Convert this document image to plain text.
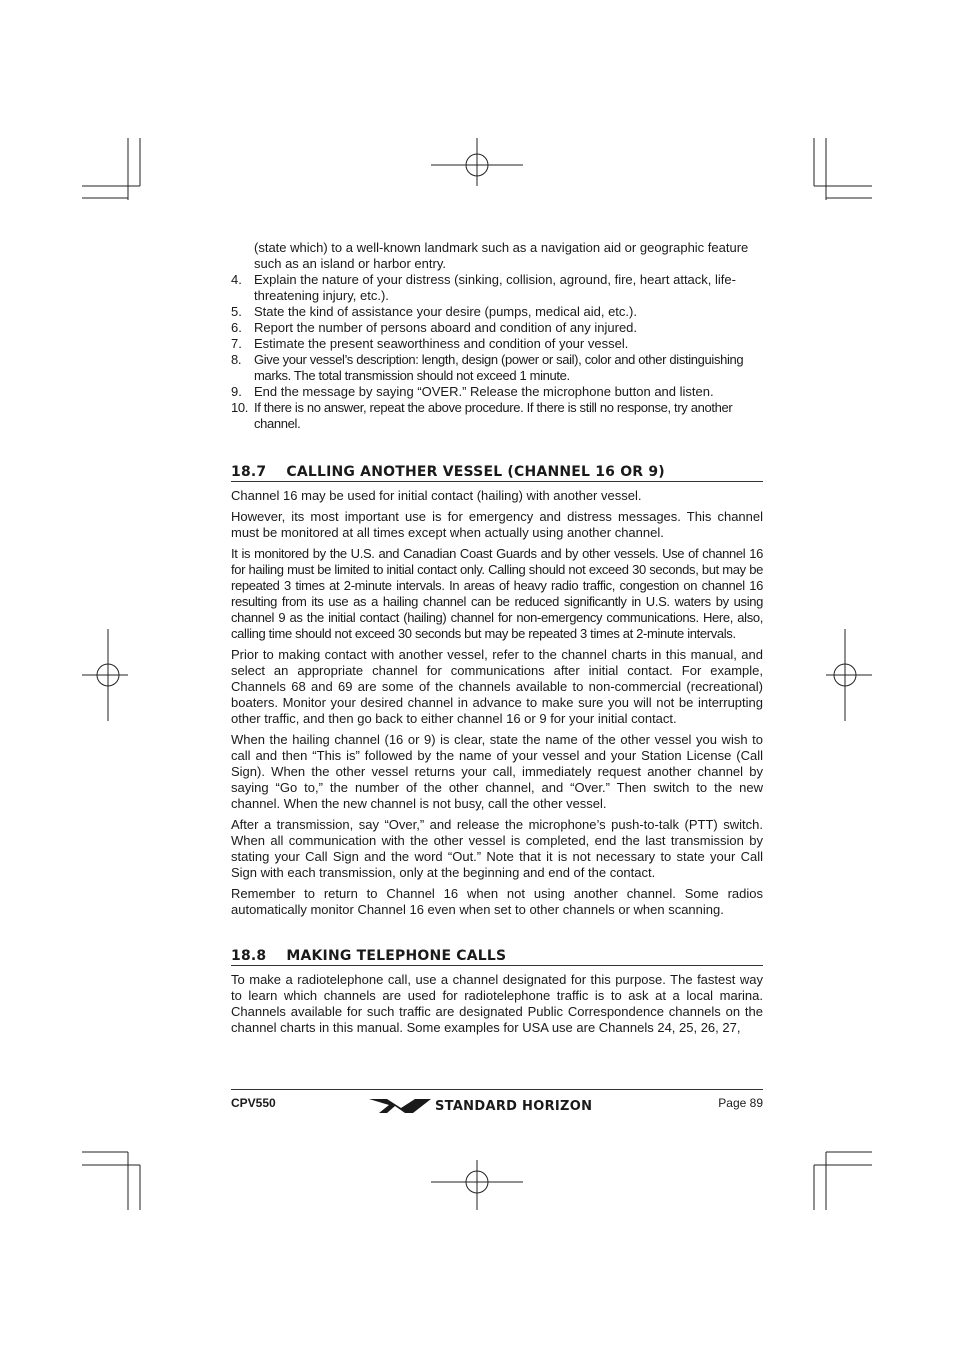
(state which) to a well-known landmark such as a navigation aid or geographic feature such as an island or harbor entry.
4. Explain the nature of your distress (sinking, collision, aground, fire, heart attack, life-threatening injury, etc.).
5. State the kind of assistance your desire (pumps, medical aid, etc.).
6. Report the number of persons aboard and condition of any injured.
7. Estimate the present seaworthiness and condition of your vessel.
8. Give your vessel’s description: length, design (power or sail), color and other distinguishing marks. The total transmission should not exceed 1 minute.
9. End the message by saying “OVER.” Release the microphone button and listen.
10. If there is no answer, repeat the above procedure. If there is still no response, try another channel.
18.7 CALLING ANOTHER VESSEL (CHANNEL 16 OR 9)

Channel 16 may be used for initial contact (hailing) with another vessel.

However, its most important use is for emergency and distress messages. This channel must be monitored at all times except when actually using another channel.

It is monitored by the U.S. and Canadian Coast Guards and by other vessels. Use of channel 16 for hailing must be limited to initial contact only. Calling should not exceed 30 seconds, but may be repeated 3 times at 2-minute intervals. In areas of heavy radio traffic, congestion on channel 16 resulting from its use as a hailing channel can be reduced significantly in U.S. waters by using channel 9 as the initial contact (hailing) channel for non-emergency communications. Here, also, calling time should not exceed 30 seconds but may be repeated 3 times at 2-minute intervals.

Prior to making contact with another vessel, refer to the channel charts in this manual, and select an appropriate channel for communications after initial contact. For example, Channels 68 and 69 are some of the channels available to non-commercial (recreational) boaters. Monitor your desired channel in advance to make sure you will not be interrupting other traffic, and then go back to either channel 16 or 9 for your initial contact.

When the hailing channel (16 or 9) is clear, state the name of the other vessel you wish to call and then “This is” followed by the name of your vessel and your Station License (Call Sign). When the other vessel returns your call, immediately request another channel by saying “Go to,” the number of the other channel, and “Over.” Then switch to the new channel. When the new channel is not busy, call the other vessel.

After a transmission, say “Over,” and release the microphone’s push-to-talk (PTT) switch. When all communication with the other vessel is completed, end the last transmission by stating your Call Sign and the word “Out.” Note that it is not necessary to state your Call Sign with each transmission, only at the beginning and end of the contact.

Remember to return to Channel 16 when not using another channel. Some radios automatically monitor Channel 16 even when set to other channels or when scanning.

18.8 MAKING TELEPHONE CALLS

To make a radiotelephone call, use a channel designated for this purpose. The fastest way to learn which channels are used for radiotelephone traffic is to ask at a local marina. Channels available for such traffic are designated Public Correspondence channels on the channel charts in this manual. Some examples for USA use are Channels 24, 25, 26, 27,

CPV550	STANDARD HORIZON	Page 89
